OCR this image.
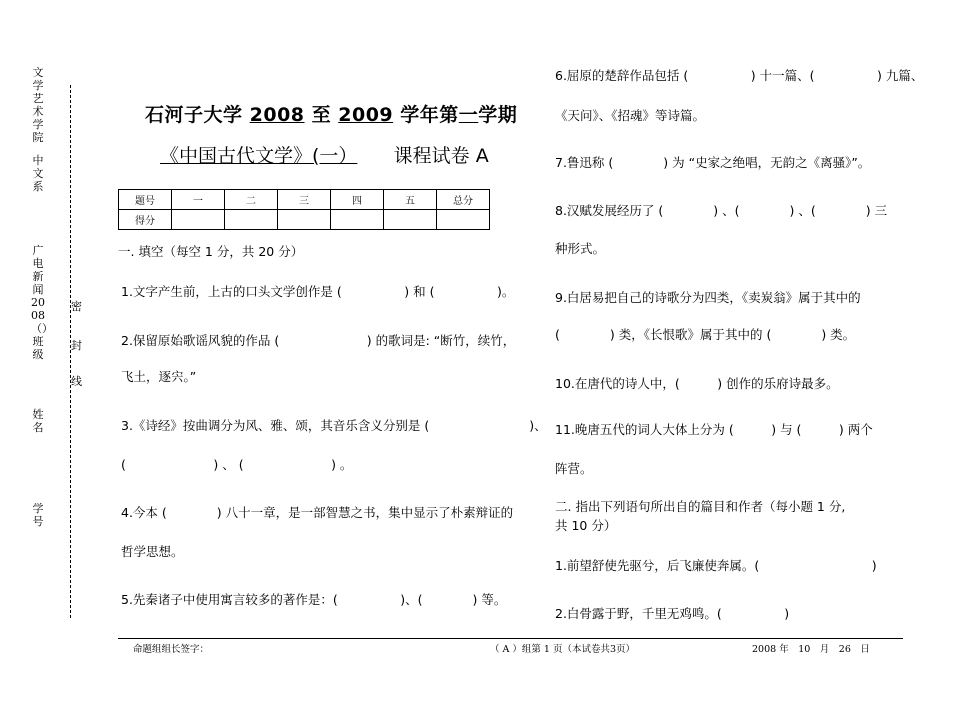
文学艺术学院
中文系
广电新闻2008（）班级
姓名
学号
密
封
线
石河子大学 2008 至 2009 学年第一学期
《中国古代文学》(一） 课程试卷 A
题号	一	二	三	四	五	总分
得分						
一. 填空（每空 1 分，共 20 分）
1.文字产生前，上古的口头文学创作是 (　　　　　) 和 (　　　　　)。
2.保留原始歌谣风貌的作品 (　　　　　　　) 的歌词是: “断竹，续竹，
飞土，逐宍。”
3.《诗经》按曲调分为风、雅、颂，其音乐含义分别是 (　　　　　　　　)、
(　　　　　　　) 、 (　　　　　　　) 。
4.今本 (　　　　) 八十一章，是一部智慧之书，集中显示了朴素辩证的
哲学思想。
5.先秦诸子中使用寓言较多的著作是：(　　　　　)、(　　　　) 等。
6.屈原的楚辞作品包括 (　　　　　) 十一篇、(　　　　　) 九篇、
《天问》、《招魂》等诗篇。
7.鲁迅称 (　　　　) 为 “史家之绝唱，无韵之《离骚》”。
8.汉赋发展经历了 (　　　　) 、(　　　　) 、(　　　　) 三
种形式。
9.白居易把自己的诗歌分为四类，《卖炭翁》属于其中的
(　　　　) 类，《长恨歌》属于其中的 (　　　　) 类。
10.在唐代的诗人中，(　　　) 创作的乐府诗最多。
11.晚唐五代的词人大体上分为 (　　　) 与 (　　　) 两个
阵营。
二. 指出下列语句所出自的篇目和作者（每小题 1 分,
共 10 分）
1.前望舒使先驱兮，后飞廉使奔属。(　　　　　　　　　)
2.白骨露于野，千里无鸡鸣。(　　　　　)
命题组组长签字：	（ A ）组第 1 页（本试卷共3页）	2008 年　10　月　26　日
